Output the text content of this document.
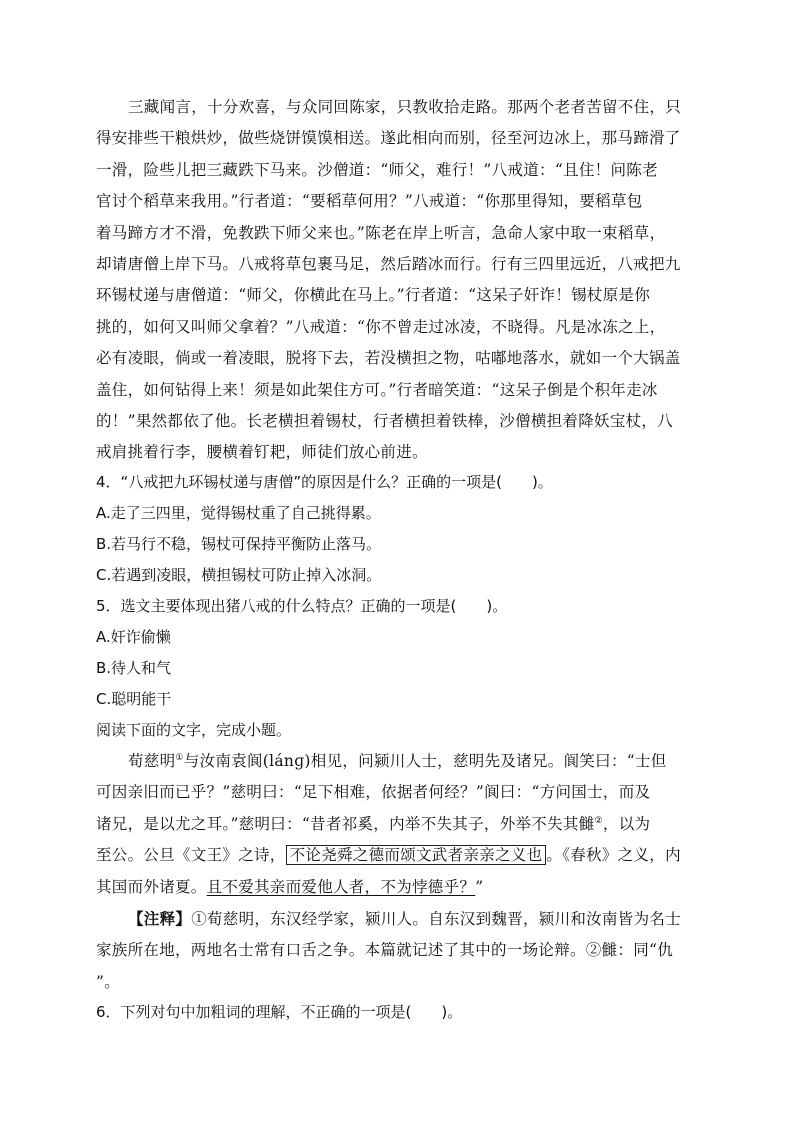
三藏闻言，十分欢喜，与众同回陈家，只教收拾走路。那两个老者苦留不住，只
得安排些干粮烘炒，做些烧饼馍馍相送。遂此相向而别，径至河边冰上，那马蹄滑了
一滑，险些儿把三藏跌下马来。沙僧道：“师父，难行！”八戒道：“且住！问陈老
官讨个稻草来我用。”行者道：“要稻草何用？”八戒道：“你那里得知，要稻草包
着马蹄方才不滑，免教跌下师父来也。”陈老在岸上听言，急命人家中取一束稻草，
却请唐僧上岸下马。八戒将草包裹马足，然后踏冰而行。行有三四里远近，八戒把九
环锡杖递与唐僧道：“师父，你横此在马上。”行者道：“这呆子奸诈！锡杖原是你
挑的，如何又叫师父拿着？”八戒道：“你不曾走过冰凌，不晓得。凡是冰冻之上，
必有凌眼，倘或一着凌眼，脱将下去，若没横担之物，咕嘟地落水，就如一个大锅盖
盖住，如何钻得上来！须是如此架住方可。”行者暗笑道：“这呆子倒是个积年走冰
的！”果然都依了他。长老横担着锡杖，行者横担着铁棒，沙僧横担着降妖宝杖，八
戒肩挑着行李，腰横着钉耙，师徒们放心前进。
4．“八戒把九环锡杖递与唐僧”的原因是什么？正确的一项是(　　)。
A.走了三四里，觉得锡杖重了自己挑得累。
B.若马行不稳，锡杖可保持平衡防止落马。
C.若遇到凌眼，横担锡杖可防止掉入冰洞。
5．选文主要体现出猪八戒的什么特点？正确的一项是(　　)。
A.奸诈偷懒
B.待人和气
C.聪明能干
阅读下面的文字，完成小题。
荀慈明①与汝南袁阆(lánɡ)相见，问颍川人士，慈明先及诸兄。阆笑曰：“士但
可因亲旧而已乎？”慈明曰：“足下相难，依据者何经？”阆曰：“方问国士，而及
诸兄，是以尤之耳。”慈明曰：“昔者祁奚，内举不失其子，外举不失其雠②，以为
至公。公旦《文王》之诗， 不论尧舜之德而颂文武者亲亲之义也 。《春秋》之义，内
其国而外诸夏。且不爱其亲而爱他人者，不为悖德乎？”
【注释】①荀慈明，东汉经学家，颍川人。自东汉到魏晋，颍川和汝南皆为名士
家族所在地，两地名士常有口舌之争。本篇就记述了其中的一场论辩。②雠：同“仇
”。
6．下列对句中加粗词的理解，不正确的一项是(　　)。
